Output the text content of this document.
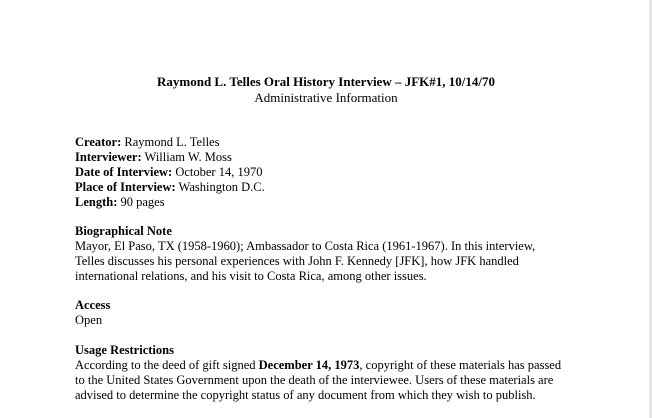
Raymond L. Telles Oral History Interview – JFK#1, 10/14/70
Administrative Information
Creator: Raymond L. Telles
Interviewer: William W. Moss
Date of Interview: October 14, 1970
Place of Interview: Washington D.C.
Length: 90 pages
Biographical Note
Mayor, El Paso, TX (1958-1960); Ambassador to Costa Rica (1961-1967). In this interview,
Telles discusses his personal experiences with John F. Kennedy [JFK], how JFK handled
international relations, and his visit to Costa Rica, among other issues.
Access
Open
Usage Restrictions
According to the deed of gift signed December 14, 1973, copyright of these materials has passed
to the United States Government upon the death of the interviewee. Users of these materials are
advised to determine the copyright status of any document from which they wish to publish.
